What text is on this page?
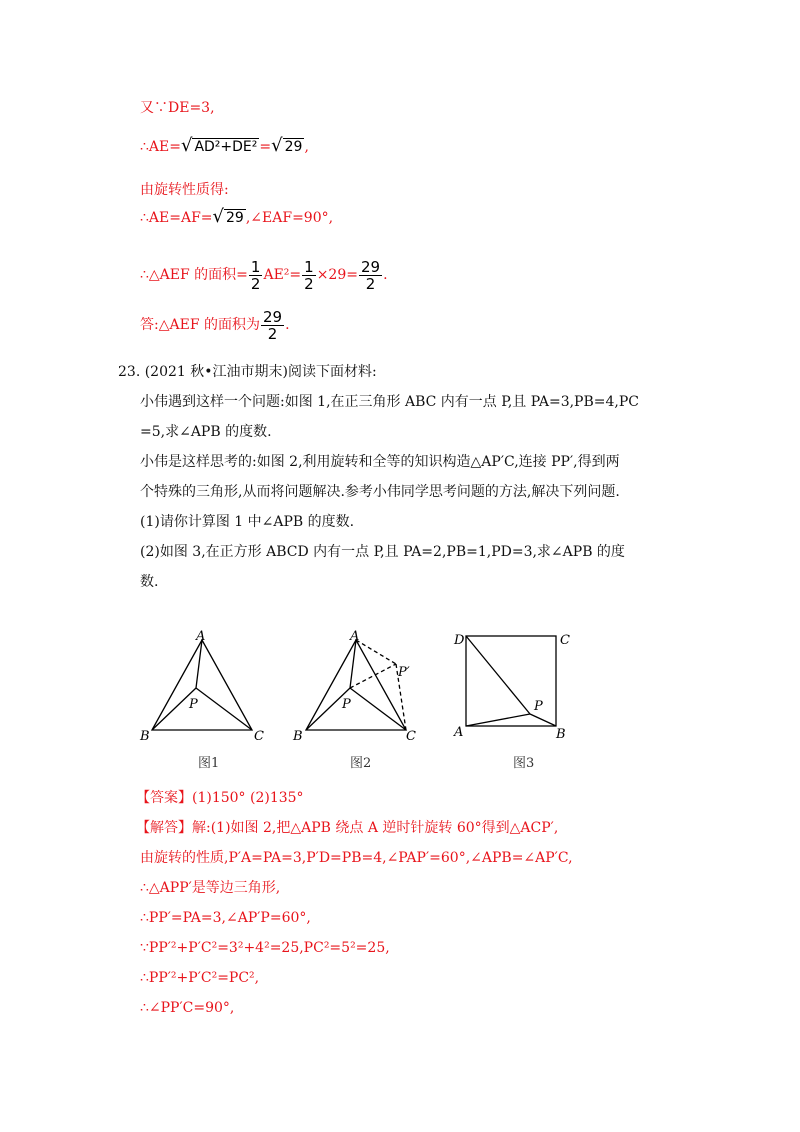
又∵DE=3,
∴AE=√ AD²+DE² =√ 29 ,
由旋转性质得:
∴AE=AF=√ 29 ,∠EAF=90°,
∴△AEF 的面积= $\frac{1}{2} AE^2= \frac{1}{2} \times 29= \frac{29}{2}$ .
答:△AEF 的面积为 $\frac{29}{2}$ .
23. (2021 秋•江油市期末)阅读下面材料:
小伟遇到这样一个问题:如图 1,在正三角形 ABC 内有一点 P,且 PA=3,PB=4,PC
=5,求∠APB 的度数.
小伟是这样思考的:如图 2,利用旋转和全等的知识构造△AP′C,连接 PP′,得到两
个特殊的三角形,从而将问题解决.参考小伟同学思考问题的方法,解决下列问题.
(1)请你计算图 1 中∠APB 的度数.
(2)如图 3,在正方形 ABCD 内有一点 P,且 PA=2,PB=1,PD=3,求∠APB 的度
数.
A
P
B	C
A
P′
P
B	C
D	C
P
A	B
图1	图2	图3
【答案】(1)150° (2)135°
【解答】解:(1)如图 2,把△APB 绕点 A 逆时针旋转 60°得到△ACP′,
由旋转的性质,P′A=PA=3,P′D=PB=4,∠PAP′=60°,∠APB=∠AP′C,
∴△APP′是等边三角形,
∴PP′=PA=3,∠AP′P=60°,
∵PP′²+P′C²=3²+4²=25,PC²=5²=25,
∴PP′²+P′C²=PC²,
∴∠PP′C=90°,
